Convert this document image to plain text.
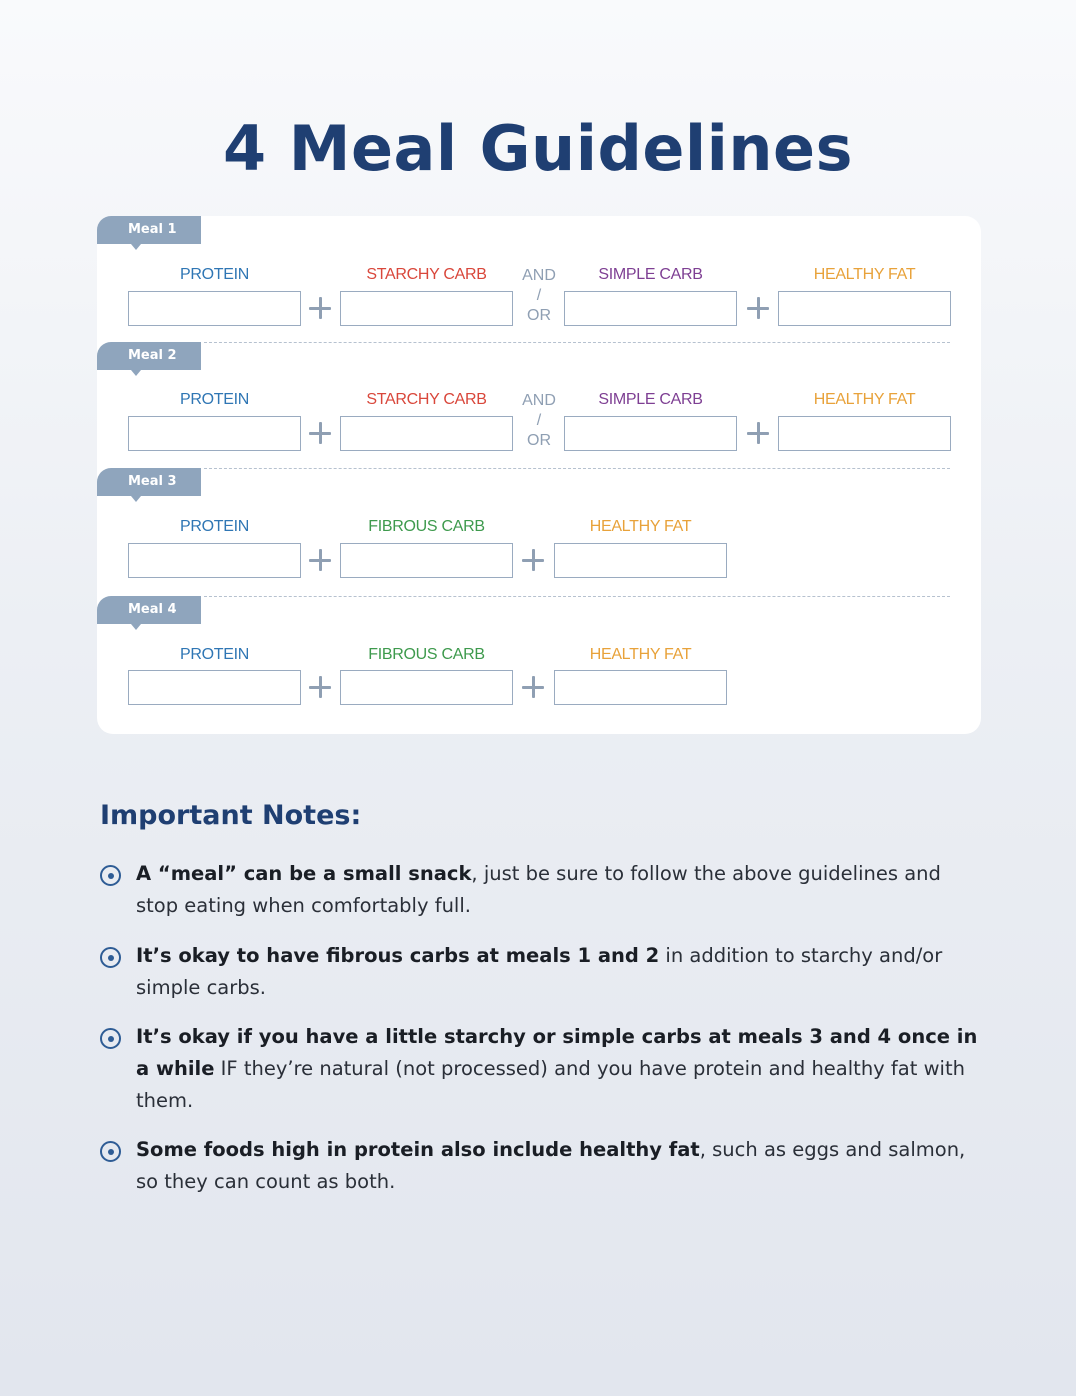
4 Meal Guidelines
Meal 1
PROTEIN	STARCHY CARB	SIMPLE CARB	HEALTHY FAT
AND
/
OR
Meal 2
PROTEIN	STARCHY CARB	SIMPLE CARB	HEALTHY FAT
AND
/
OR
Meal 3
PROTEIN	FIBROUS CARB	HEALTHY FAT
Meal 4
PROTEIN	FIBROUS CARB	HEALTHY FAT
Important Notes:
A “meal” can be a small snack, just be sure to follow the above guidelines and stop eating when comfortably full.
It’s okay to have fibrous carbs at meals 1 and 2 in addition to starchy and/or simple carbs.
It’s okay if you have a little starchy or simple carbs at meals 3 and 4 once in a while IF they’re natural (not processed) and you have protein and healthy fat with them.
Some foods high in protein also include healthy fat, such as eggs and salmon, so they can count as both.
